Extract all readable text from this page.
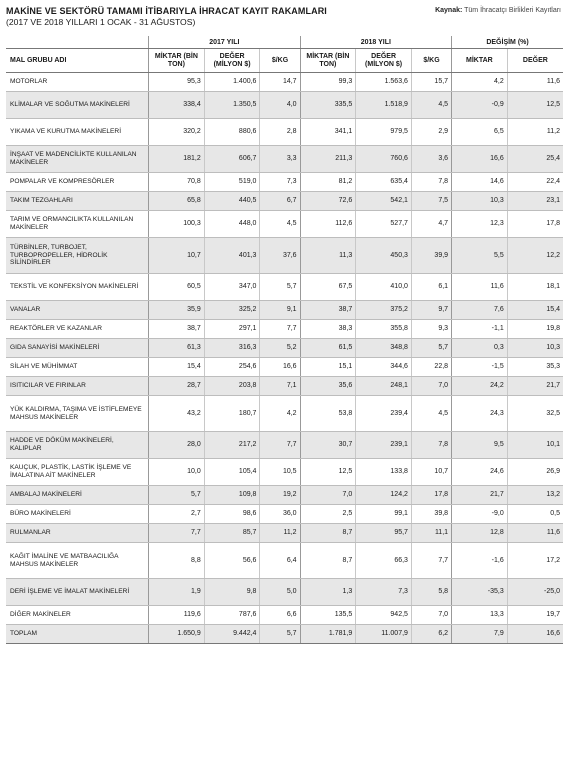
MAKİNE VE SEKTÖRÜ TAMAMI İTİBARIYLA İHRACAT KAYIT RAKAMLARI
(2017 VE 2018 YILLARI 1 OCAK - 31 AĞUSTOS)
Kaynak: Tüm İhracatçı Birlikleri Kayıtları
	2017 YILI			2018 YILI			DEĞİŞİM (%)	
MAL GRUBU ADI	MİKTAR (BİN TON)	DEĞER (MİLYON $)	$/KG	MİKTAR (BİN TON)	DEĞER (MİLYON $)	$/KG	MİKTAR	DEĞER
MOTORLAR	95,3	1.400,6	14,7	99,3	1.563,6	15,7	4,2	11,6
KLİMALAR VE SOĞUTMA MAKİNELERİ	338,4	1.350,5	4,0	335,5	1.518,9	4,5	-0,9	12,5
YIKAMA VE KURUTMA MAKİNELERİ	320,2	880,6	2,8	341,1	979,5	2,9	6,5	11,2
İNŞAAT VE MADENCİLİKTE KULLANILAN MAKİNELER	181,2	606,7	3,3	211,3	760,6	3,6	16,6	25,4
POMPALAR VE KOMPRESÖRLER	70,8	519,0	7,3	81,2	635,4	7,8	14,6	22,4
TAKIM TEZGAHLARI	65,8	440,5	6,7	72,6	542,1	7,5	10,3	23,1
TARIM VE ORMANCILIKTA KULLANILAN MAKİNELER	100,3	448,0	4,5	112,6	527,7	4,7	12,3	17,8
TÜRBİNLER, TURBOJET, TURBOPROPELLER, HİDROLİK SİLİNDİRLER	10,7	401,3	37,6	11,3	450,3	39,9	5,5	12,2
TEKSTİL VE KONFEKSİYON MAKİNELERİ	60,5	347,0	5,7	67,5	410,0	6,1	11,6	18,1
VANALAR	35,9	325,2	9,1	38,7	375,2	9,7	7,6	15,4
REAKTÖRLER VE KAZANLAR	38,7	297,1	7,7	38,3	355,8	9,3	-1,1	19,8
GIDA SANAYİSİ MAKİNELERİ	61,3	316,3	5,2	61,5	348,8	5,7	0,3	10,3
SİLAH VE MÜHİMMAT	15,4	254,6	16,6	15,1	344,6	22,8	-1,5	35,3
ISITICILAR VE FIRINLAR	28,7	203,8	7,1	35,6	248,1	7,0	24,2	21,7
YÜK KALDIRMA, TAŞIMA VE İSTİFLEMEYE MAHSUS MAKİNELER	43,2	180,7	4,2	53,8	239,4	4,5	24,3	32,5
HADDE VE DÖKÜM MAKİNELERİ, KALIPLAR	28,0	217,2	7,7	30,7	239,1	7,8	9,5	10,1
KAUÇUK, PLASTİK, LASTİK İŞLEME VE İMALATINA AİT MAKİNELER	10,0	105,4	10,5	12,5	133,8	10,7	24,6	26,9
AMBALAJ MAKİNELERİ	5,7	109,8	19,2	7,0	124,2	17,8	21,7	13,2
BÜRO MAKİNELERİ	2,7	98,6	36,0	2,5	99,1	39,8	-9,0	0,5
RULMANLAR	7,7	85,7	11,2	8,7	95,7	11,1	12,8	11,6
KAĞIT İMALİNE VE MATBAACILIĞA MAHSUS MAKİNELER	8,8	56,6	6,4	8,7	66,3	7,7	-1,6	17,2
DERİ İŞLEME VE İMALAT MAKİNELERİ	1,9	9,8	5,0	1,3	7,3	5,8	-35,3	-25,0
DİĞER MAKİNELER	119,6	787,6	6,6	135,5	942,5	7,0	13,3	19,7
TOPLAM	1.650,9	9.442,4	5,7	1.781,9	11.007,9	6,2	7,9	16,6
